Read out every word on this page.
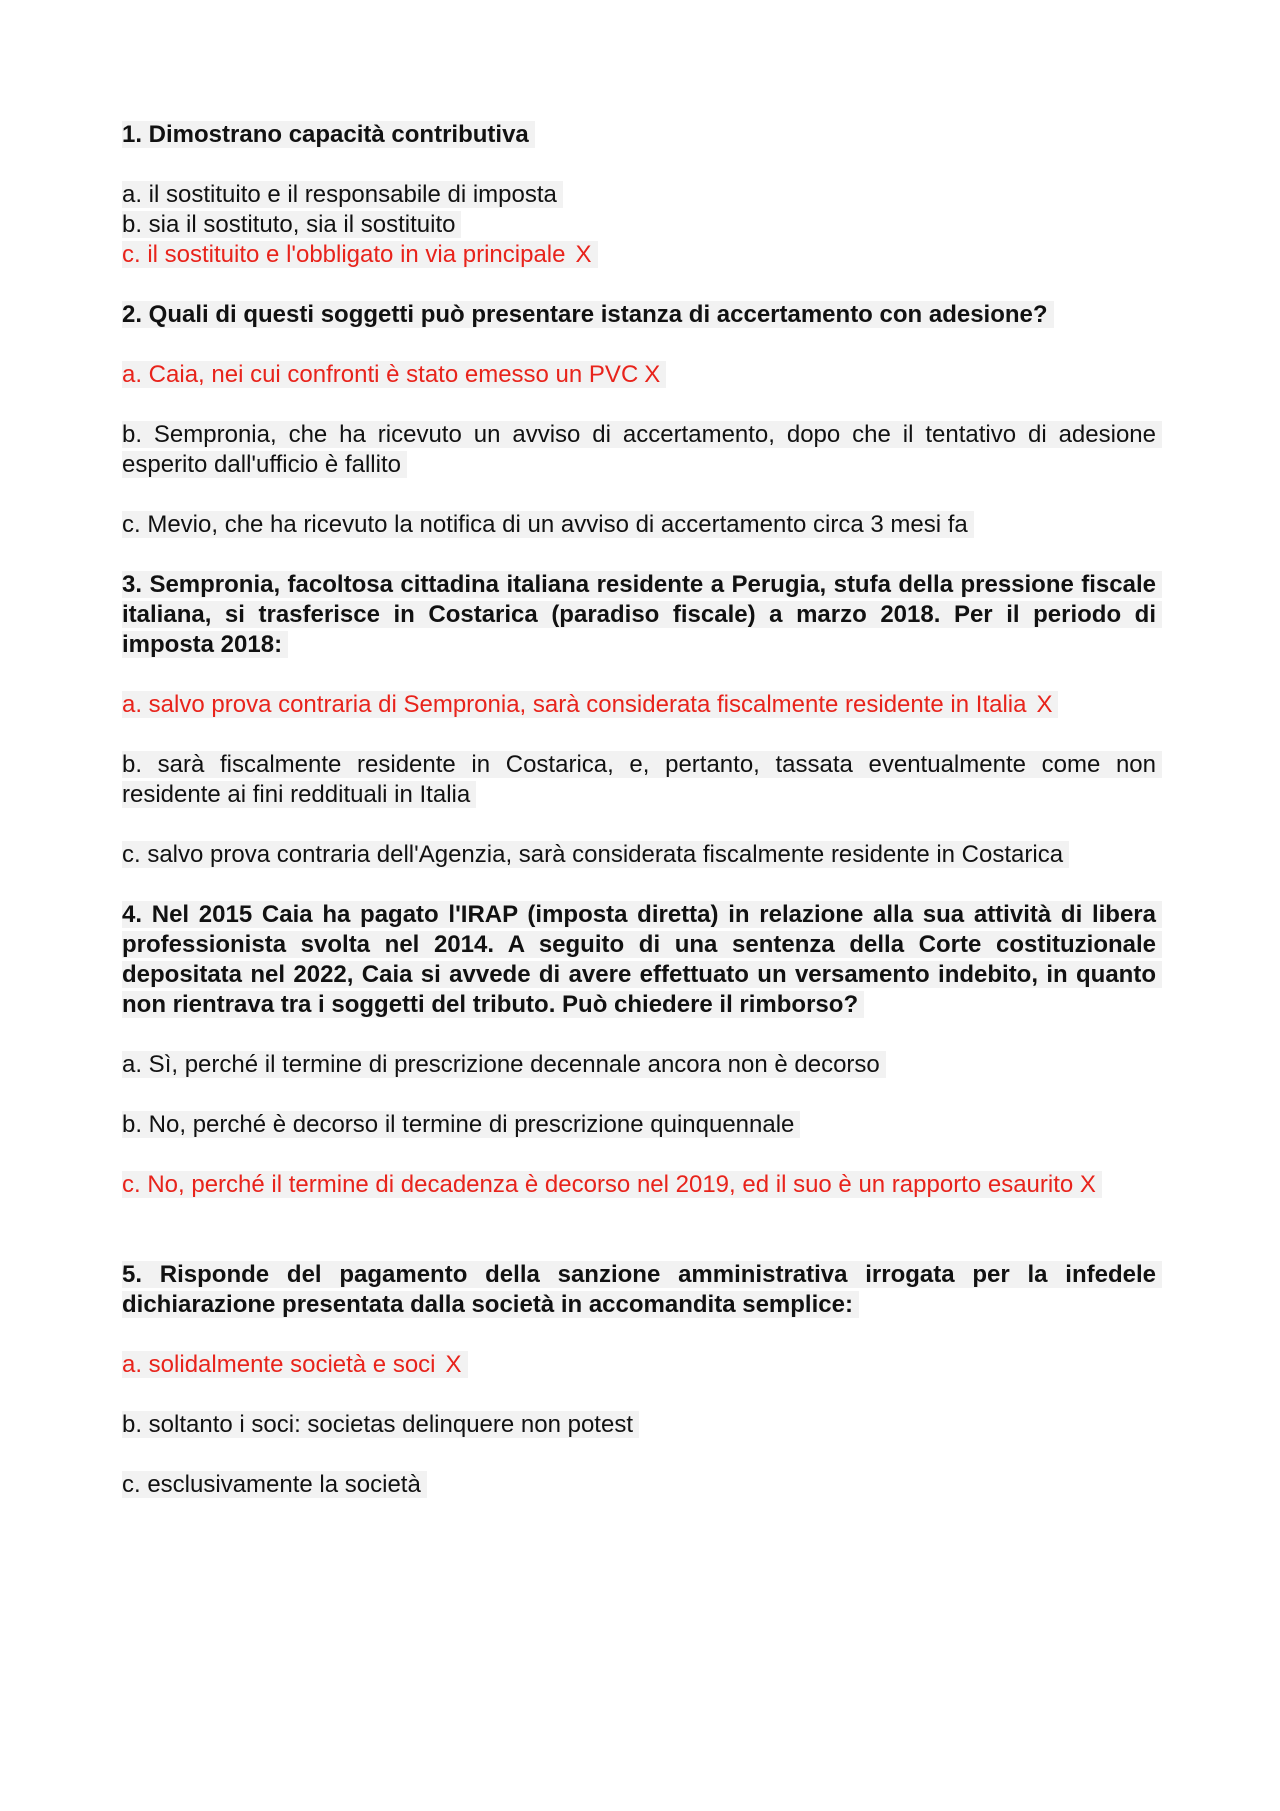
1. Dimostrano capacità contributiva

a. il sostituito e il responsabile di imposta

b. sia il sostituto, sia il sostituito

c. il sostituito e l'obbligato in via principale X

2. Quali di questi soggetti può presentare istanza di accertamento con adesione?

a. Caia, nei cui confronti è stato emesso un PVC X

b. Sempronia, che ha ricevuto un avviso di accertamento, dopo che il tentativo di adesione esperito dall'ufficio è fallito

c. Mevio, che ha ricevuto la notifica di un avviso di accertamento circa 3 mesi fa

3. Sempronia, facoltosa cittadina italiana residente a Perugia, stufa della pressione fiscale italiana, si trasferisce in Costarica (paradiso fiscale) a marzo 2018. Per il periodo di imposta 2018:

a. salvo prova contraria di Sempronia, sarà considerata fiscalmente residente in Italia X

b. sarà fiscalmente residente in Costarica, e, pertanto, tassata eventualmente come non residente ai fini reddituali in Italia

c. salvo prova contraria dell'Agenzia, sarà considerata fiscalmente residente in Costarica

4. Nel 2015 Caia ha pagato l'IRAP (imposta diretta) in relazione alla sua attività di libera professionista svolta nel 2014. A seguito di una sentenza della Corte costituzionale depositata nel 2022, Caia si avvede di avere effettuato un versamento indebito, in quanto non rientrava tra i soggetti del tributo. Può chiedere il rimborso?

a. Sì, perché il termine di prescrizione decennale ancora non è decorso

b. No, perché è decorso il termine di prescrizione quinquennale

c. No, perché il termine di decadenza è decorso nel 2019, ed il suo è un rapporto esaurito X

5. Risponde del pagamento della sanzione amministrativa irrogata per la infedele dichiarazione presentata dalla società in accomandita semplice:

a. solidalmente società e soci X

b. soltanto i soci: societas delinquere non potest

c. esclusivamente la società
